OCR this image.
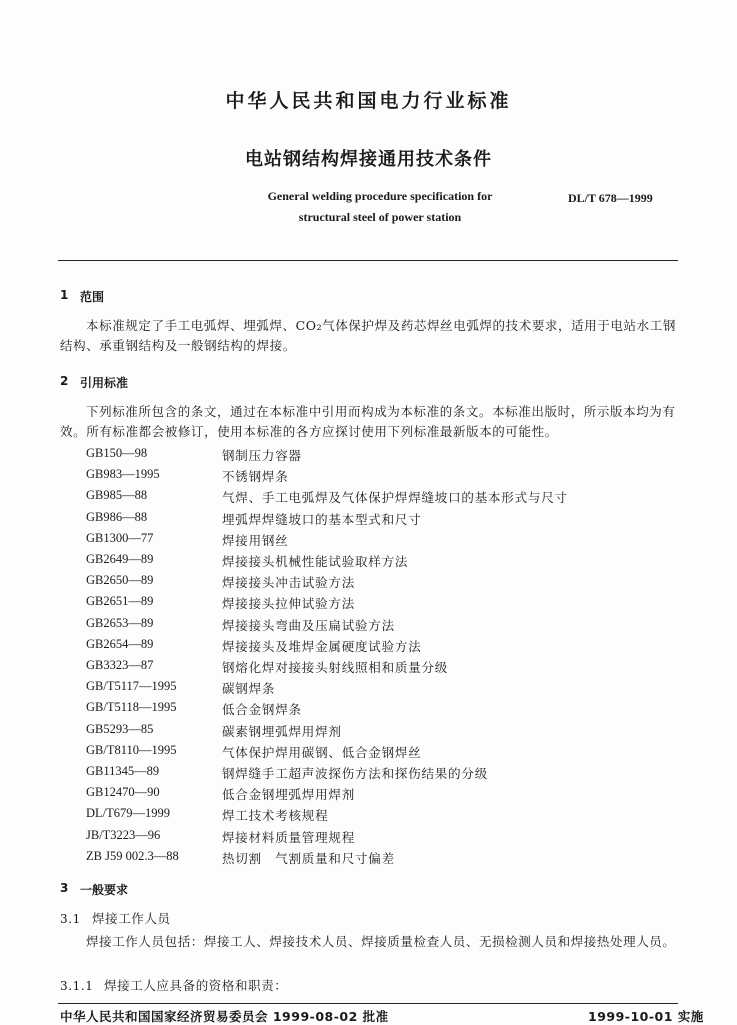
中华人民共和国电力行业标准
电站钢结构焊接通用技术条件
General welding procedure specification for
structural steel of power station
DL/T 678—1999
1 范围
本标准规定了手工电弧焊、埋弧焊、CO₂气体保护焊及药芯焊丝电弧焊的技术要求，适用于电站水工钢结构、承重钢结构及一般钢结构的焊接。
2 引用标准
下列标准所包含的条文，通过在本标准中引用而构成为本标准的条文。本标准出版时，所示版本均为有效。所有标准都会被修订，使用本标准的各方应探讨使用下列标准最新版本的可能性。
GB150—98	钢制压力容器
GB983—1995	不锈钢焊条
GB985—88	气焊、手工电弧焊及气体保护焊焊缝坡口的基本形式与尺寸
GB986—88	埋弧焊焊缝坡口的基本型式和尺寸
GB1300—77	焊接用钢丝
GB2649—89	焊接接头机械性能试验取样方法
GB2650—89	焊接接头冲击试验方法
GB2651—89	焊接接头拉伸试验方法
GB2653—89	焊接接头弯曲及压扁试验方法
GB2654—89	焊接接头及堆焊金属硬度试验方法
GB3323—87	钢熔化焊对接接头射线照相和质量分级
GB/T5117—1995	碳钢焊条
GB/T5118—1995	低合金钢焊条
GB5293—85	碳素钢埋弧焊用焊剂
GB/T8110—1995	气体保护焊用碳钢、低合金钢焊丝
GB11345—89	钢焊缝手工超声波探伤方法和探伤结果的分级
GB12470—90	低合金钢埋弧焊用焊剂
DL/T679—1999	焊工技术考核规程
JB/T3223—96	焊接材料质量管理规程
ZB J59 002.3—88	热切割　气割质量和尺寸偏差
3 一般要求
3.1 焊接工作人员
焊接工作人员包括：焊接工人、焊接技术人员、焊接质量检查人员、无损检测人员和焊接热处理人员。
3.1.1 焊接工人应具备的资格和职责：
中华人民共和国国家经济贸易委员会 1999-08-02 批准	1999-10-01 实施
